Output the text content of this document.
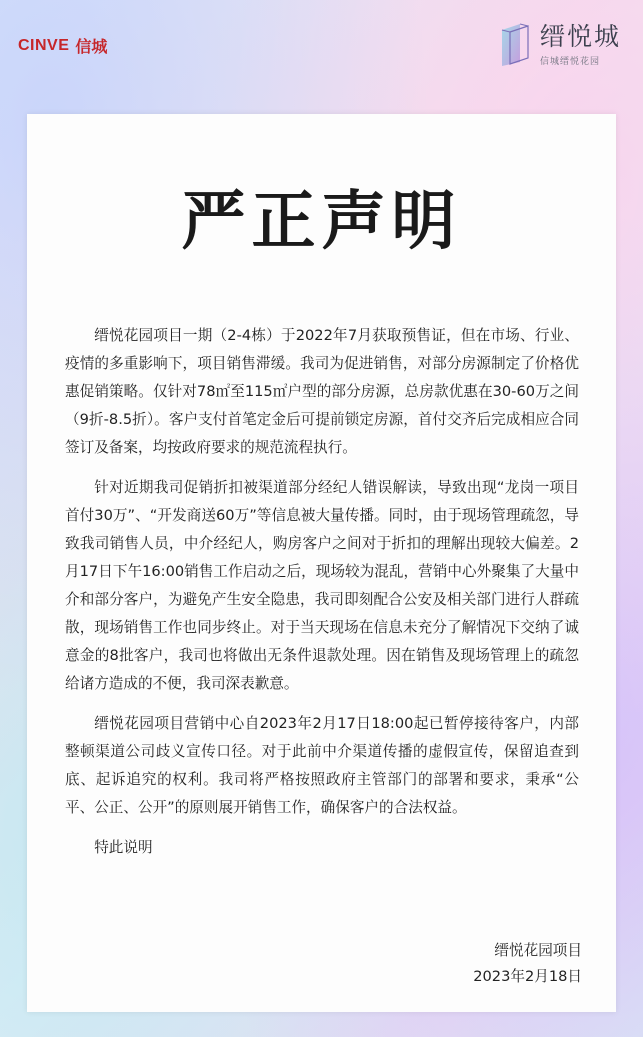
CINVE 信城	缙悦城
信城缙悦花园
严正声明

缙悦花园项目一期（2-4栋）于2022年7月获取预售证，但在市场、行业、疫情的多重影响下，项目销售滞缓。我司为促进销售，对部分房源制定了价格优惠促销策略。仅针对78㎡至115㎡户型的部分房源，总房款优惠在30-60万之间（9折-8.5折）。客户支付首笔定金后可提前锁定房源，首付交齐后完成相应合同签订及备案，均按政府要求的规范流程执行。

针对近期我司促销折扣被渠道部分经纪人错误解读，导致出现“龙岗一项目首付30万”、“开发商送60万”等信息被大量传播。同时，由于现场管理疏忽，导致我司销售人员，中介经纪人，购房客户之间对于折扣的理解出现较大偏差。2月17日下午16:00销售工作启动之后，现场较为混乱，营销中心外聚集了大量中介和部分客户，为避免产生安全隐患，我司即刻配合公安及相关部门进行人群疏散，现场销售工作也同步终止。对于当天现场在信息未充分了解情况下交纳了诚意金的8批客户，我司也将做出无条件退款处理。因在销售及现场管理上的疏忽给诸方造成的不便，我司深表歉意。

缙悦花园项目营销中心自2023年2月17日18:00起已暂停接待客户，内部整顿渠道公司歧义宣传口径。对于此前中介渠道传播的虚假宣传，保留追查到底、起诉追究的权利。我司将严格按照政府主管部门的部署和要求，秉承“公平、公正、公开”的原则展开销售工作，确保客户的合法权益。

特此说明

缙悦花园项目
2023年2月18日
